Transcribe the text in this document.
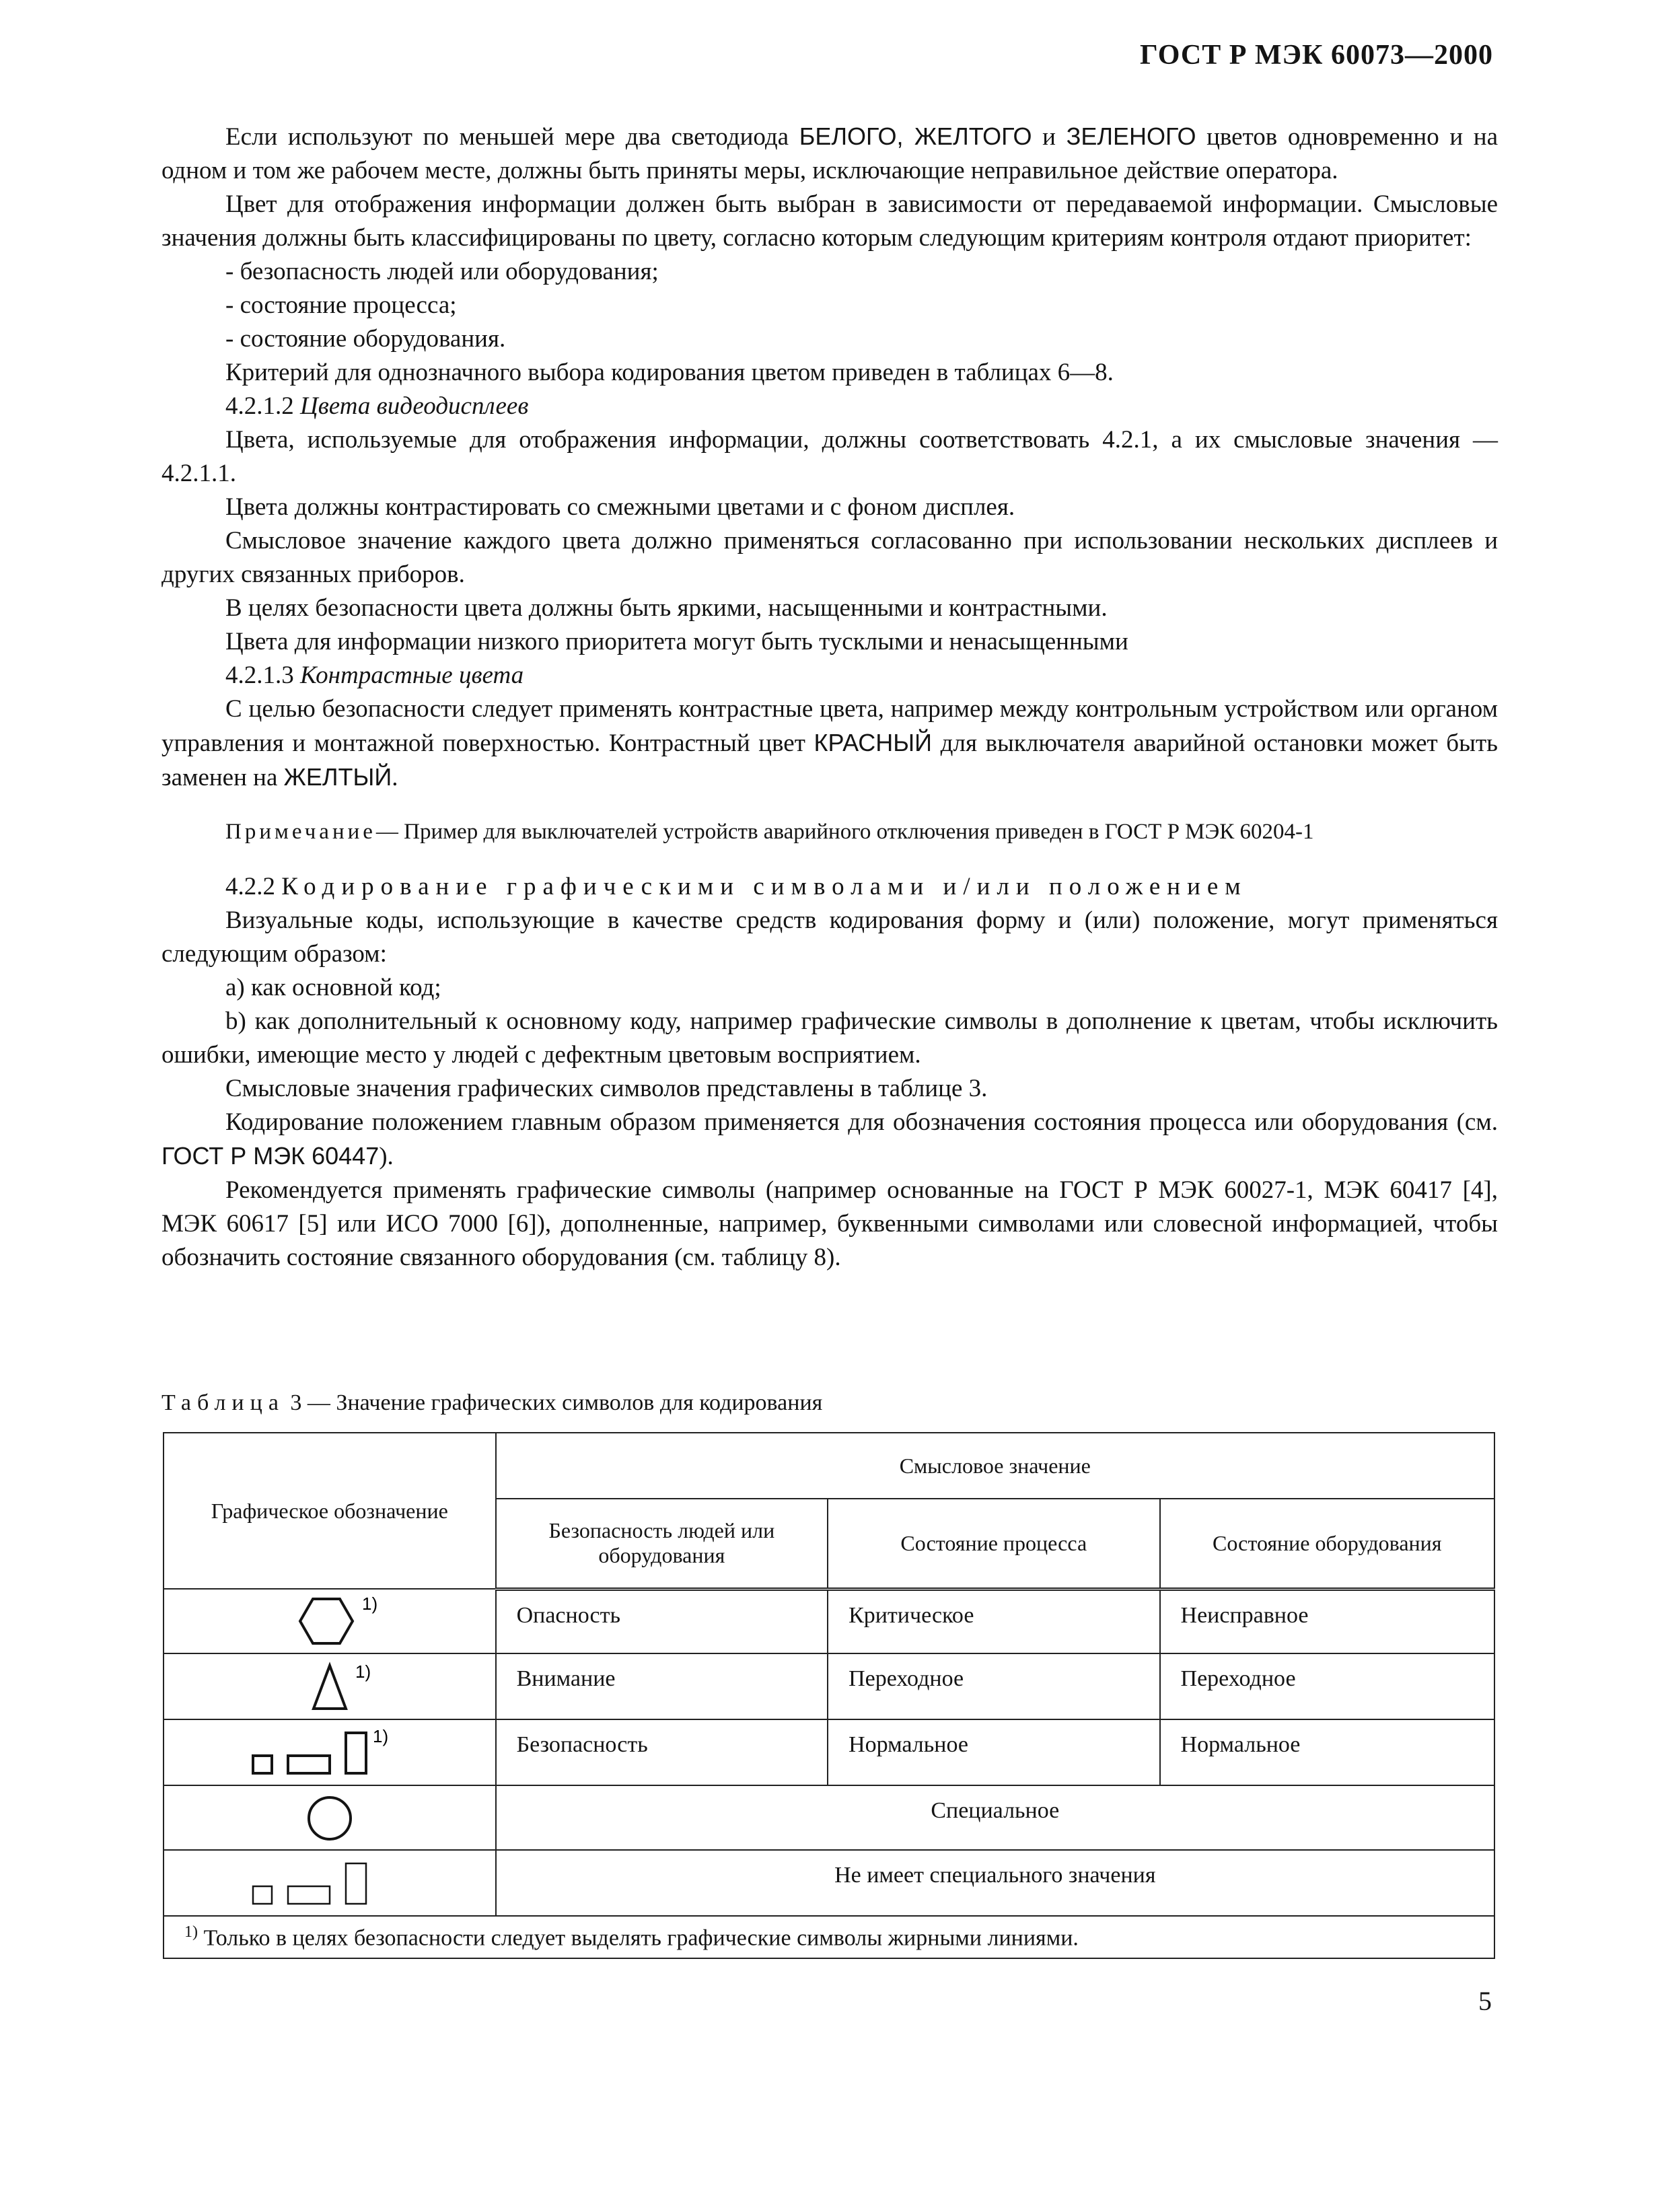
ГОСТ Р МЭК 60073—2000

Если используют по меньшей мере два светодиода БЕЛОГО, ЖЕЛТОГО и ЗЕЛЕНОГО цветов одновременно и на одном и том же рабочем месте, должны быть приняты меры, исключающие неправильное действие оператора.

Цвет для отображения информации должен быть выбран в зависимости от передаваемой информации. Смысловые значения должны быть классифицированы по цвету, согласно которым следующим критериям контроля отдают приоритет:

- безопасность людей или оборудования;

- состояние процесса;

- состояние оборудования.

Критерий для однозначного выбора кодирования цветом приведен в таблицах 6—8.

4.2.1.2 Цвета видеодисплеев

Цвета, используемые для отображения информации, должны соответствовать 4.2.1, а их смысловые значения — 4.2.1.1.

Цвета должны контрастировать со смежными цветами и с фоном дисплея.

Смысловое значение каждого цвета должно применяться согласованно при использовании нескольких дисплеев и других связанных приборов.

В целях безопасности цвета должны быть яркими, насыщенными и контрастными.

Цвета для информации низкого приоритета могут быть тусклыми и ненасыщенными

4.2.1.3 Контрастные цвета

С целью безопасности следует применять контрастные цвета, например между контрольным устройством или органом управления и монтажной поверхностью. Контрастный цвет КРАСНЫЙ для выключателя аварийной остановки может быть заменен на ЖЕЛТЫЙ.

Примечание— Пример для выключателей устройств аварийного отключения приведен в ГОСТ Р МЭК 60204-1

4.2.2 Кодирование графическими символами и/или положением

Визуальные коды, использующие в качестве средств кодирования форму и (или) положение, могут применяться следующим образом:

a) как основной код;

b) как дополнительный к основному коду, например графические символы в дополнение к цветам, чтобы исключить ошибки, имеющие место у людей с дефектным цветовым восприятием.

Смысловые значения графических символов представлены в таблице 3.

Кодирование положением главным образом применяется для обозначения состояния процесса или оборудования (см. ГОСТ Р МЭК 60447).

Рекомендуется применять графические символы (например основанные на ГОСТ Р МЭК 60027-1, МЭК 60417 [4], МЭК 60617 [5] или ИСО 7000 [6]), дополненные, например, буквенными символами или словесной информацией, чтобы обозначить состояние связанного оборудования (см. таблицу 8).

Таблица 3 — Значение графических символов для кодирования
Графическое обозначение	Смысловое значение		
	Безопасность людей или оборудования	Состояние процесса	Состояние оборудования

1)	Опасность	Критическое	Неисправное

1)	Внимание	Переходное	Переходное

1)	Безопасность	Нормальное	Нормальное

	Специальное		

	Не имеет специального значения		
$^{1)}$ Только в целях безопасности следует выделять графические символы жирными линиями.			
5
